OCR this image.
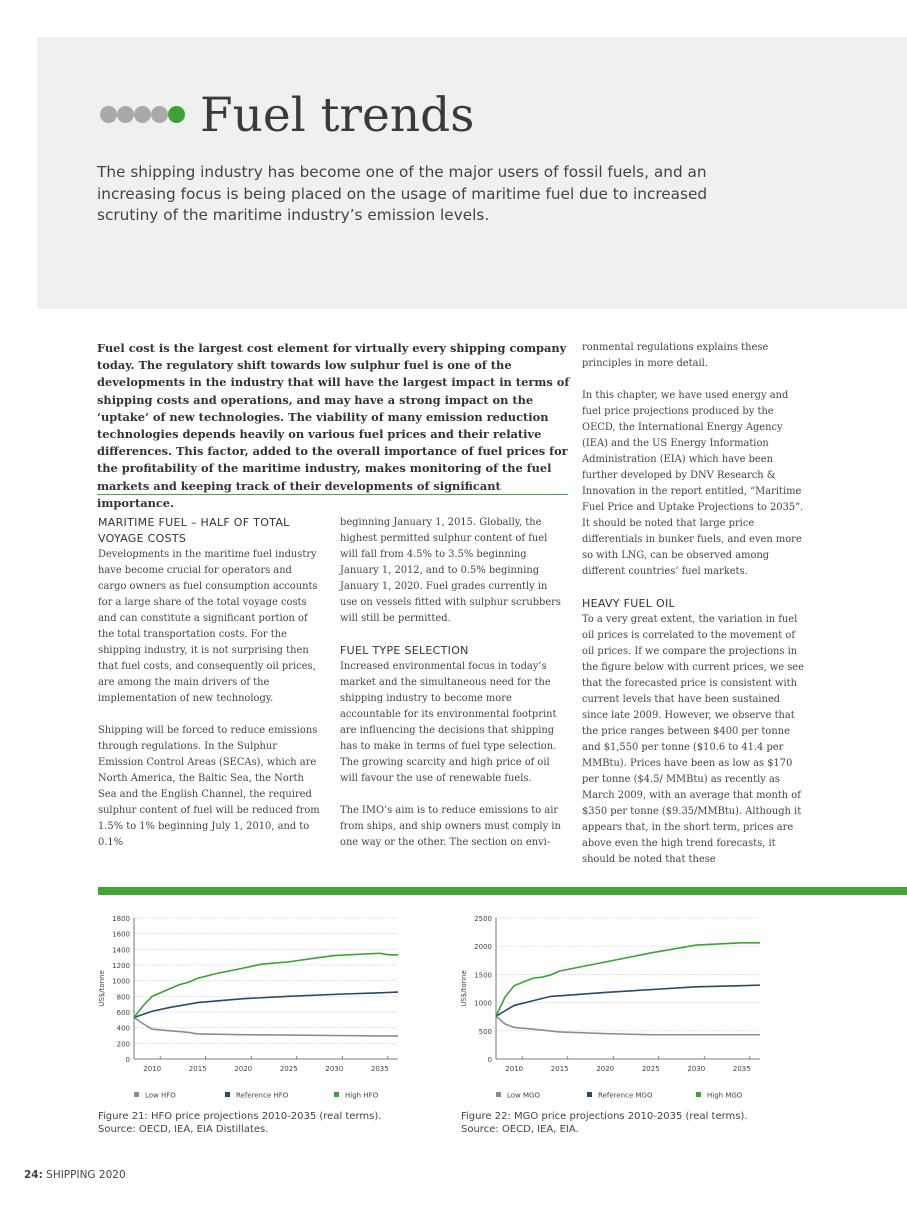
Fuel trends
The shipping industry has become one of the major users of fossil fuels, and an increasing focus is being placed on the usage of maritime fuel due to increased scrutiny of the maritime industry’s emission levels.
Fuel cost is the largest cost element for virtually every shipping company today. The regulatory shift towards low sulphur fuel is one of the developments in the industry that will have the largest impact in terms of shipping costs and operations, and may have a strong impact on the ‘uptake’ of new technologies. The viability of many emission reduction technologies depends heavily on various fuel prices and their relative differences. This factor, added to the overall importance of fuel prices for the profitability of the maritime industry, makes monitoring of the fuel markets and keeping track of their developments of significant importance.
MARITIME FUEL – HALF OF TOTAL VOYAGE COSTS

Developments in the maritime fuel industry have become crucial for operators and cargo owners as fuel consumption accounts for a large share of the total voyage costs and can constitute a significant portion of the total transportation costs. For the shipping industry, it is not surprising then that fuel costs, and consequently oil prices, are among the main drivers of the implementation of new technology.

Shipping will be forced to reduce emissions through regulations. In the Sulphur Emission Control Areas (SECAs), which are North America, the Baltic Sea, the North Sea and the English Channel, the required sulphur content of fuel will be reduced from 1.5% to 1% beginning July 1, 2010, and to 0.1%

beginning January 1, 2015. Globally, the highest permitted sulphur content of fuel will fall from 4.5% to 3.5% beginning January 1, 2012, and to 0.5% beginning January 1, 2020. Fuel grades currently in use on vessels fitted with sulphur scrubbers will still be permitted.

FUEL TYPE SELECTION

Increased environmental focus in today’s market and the simultaneous need for the shipping industry to become more accountable for its environmental footprint are influencing the decisions that shipping has to make in terms of fuel type selection. The growing scarcity and high price of oil will favour the use of renewable fuels.

The IMO’s aim is to reduce emissions to air from ships, and ship owners must comply in one way or the other. The section on envi-

ronmental regulations explains these principles in more detail.

In this chapter, we have used energy and fuel price projections produced by the OECD, the International Energy Agency (IEA) and the US Energy Information Administration (EIA) which have been further developed by DNV Research & Innovation in the report entitled, “Maritime Fuel Price and Uptake Projections to 2035”. It should be noted that large price differentials in bunker fuels, and even more so with LNG, can be observed among different countries’ fuel markets.

HEAVY FUEL OIL

To a very great extent, the variation in fuel oil prices is correlated to the movement of oil prices. If we compare the projections in the figure below with current prices, we see that the forecasted price is consistent with current levels that have been sustained since late 2009. However, we observe that the price ranges between $400 per tonne and $1,550 per tonne ($10.6 to 41.4 per MMBtu). Prices have been as low as $170 per tonne ($4.5/ MMBtu) as recently as March 2009, with an average that month of $350 per tonne ($9.35/MMBtu). Although it appears that, in the short term, prices are above even the high trend forecasts, it should be noted that these

0
200
400
600
800
1000
1200
1400
1600
1800
2010	2015	2020	2025	2030	2035
US$/tonne
Low HFO	Reference HFO	High HFO
0
500
1000
1500
2000
2500
2010	2015	2020	2025	2030	2035
US$/tonne
Low MGO	Reference MGO	High MGO
Figure 21: HFO price projections 2010-2035 (real terms).
Source: OECD, IEA, EIA Distillates.
Figure 22: MGO price projections 2010-2035 (real terms).
Source: OECD, IEA, EIA.
24: SHIPPING 2020
